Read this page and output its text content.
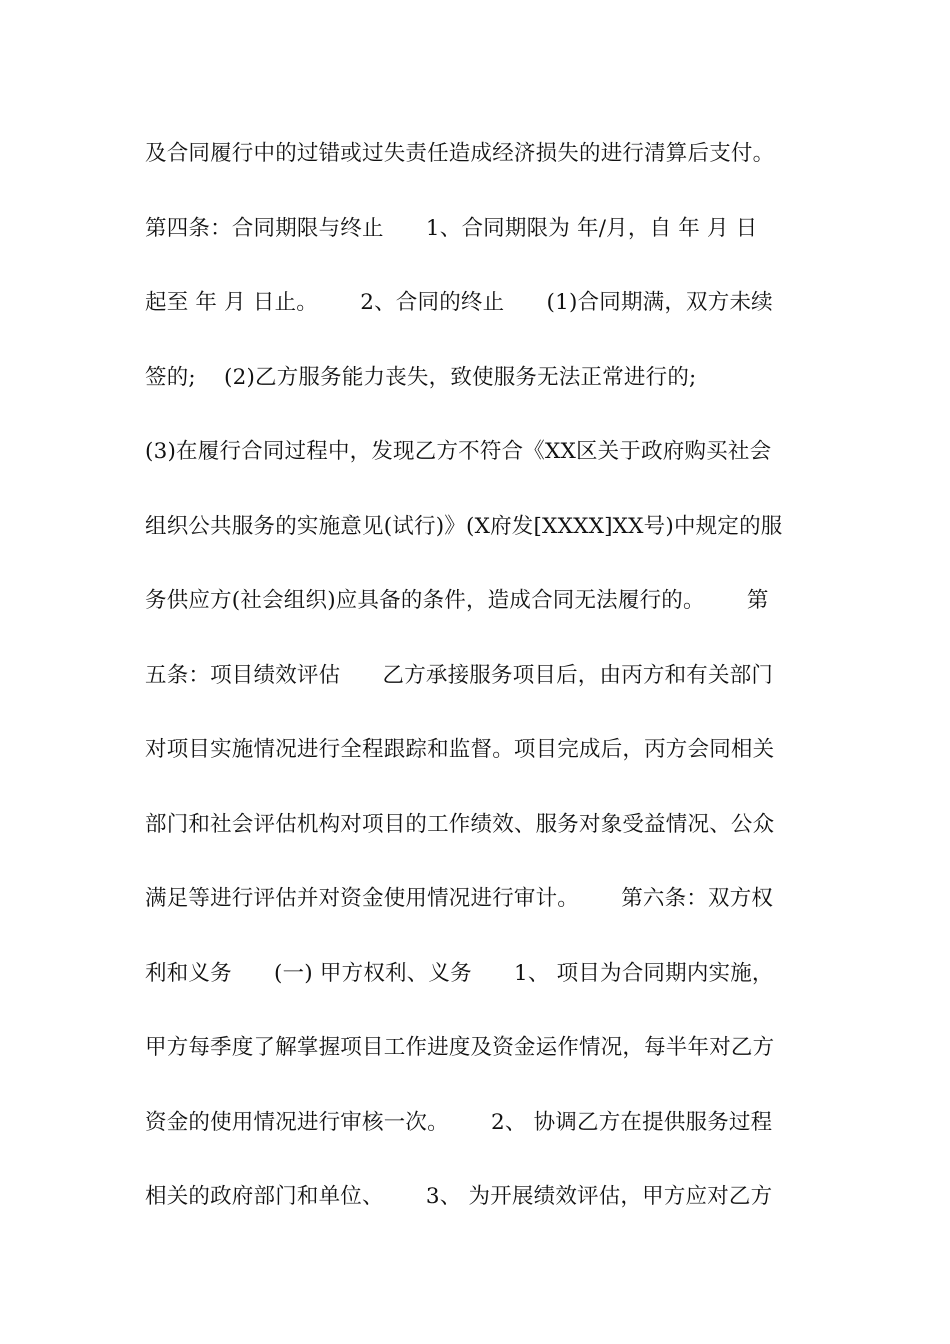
及合同履行中的过错或过失责任造成经济损失的进行清算后支付。
第四条：合同期限与终止      1、合同期限为 年/月，自 年 月 日
起至 年 月 日止。      2、合同的终止      (1)合同期满，双方未续
签的;    (2)乙方服务能力丧失，致使服务无法正常进行的;
(3)在履行合同过程中，发现乙方不符合《XX区关于政府购买社会
组织公共服务的实施意见(试行)》(X府发[XXXX]XX号)中规定的服
务供应方(社会组织)应具备的条件，造成合同无法履行的。      第
五条：项目绩效评估      乙方承接服务项目后，由丙方和有关部门
对项目实施情况进行全程跟踪和监督。项目完成后，丙方会同相关
部门和社会评估机构对项目的工作绩效、服务对象受益情况、公众
满足等进行评估并对资金使用情况进行审计。      第六条：双方权
利和义务      (一) 甲方权利、义务      1、 项目为合同期内实施，
甲方每季度了解掌握项目工作进度及资金运作情况，每半年对乙方
资金的使用情况进行审核一次。      2、 协调乙方在提供服务过程
相关的政府部门和单位、      3、 为开展绩效评估，甲方应对乙方
